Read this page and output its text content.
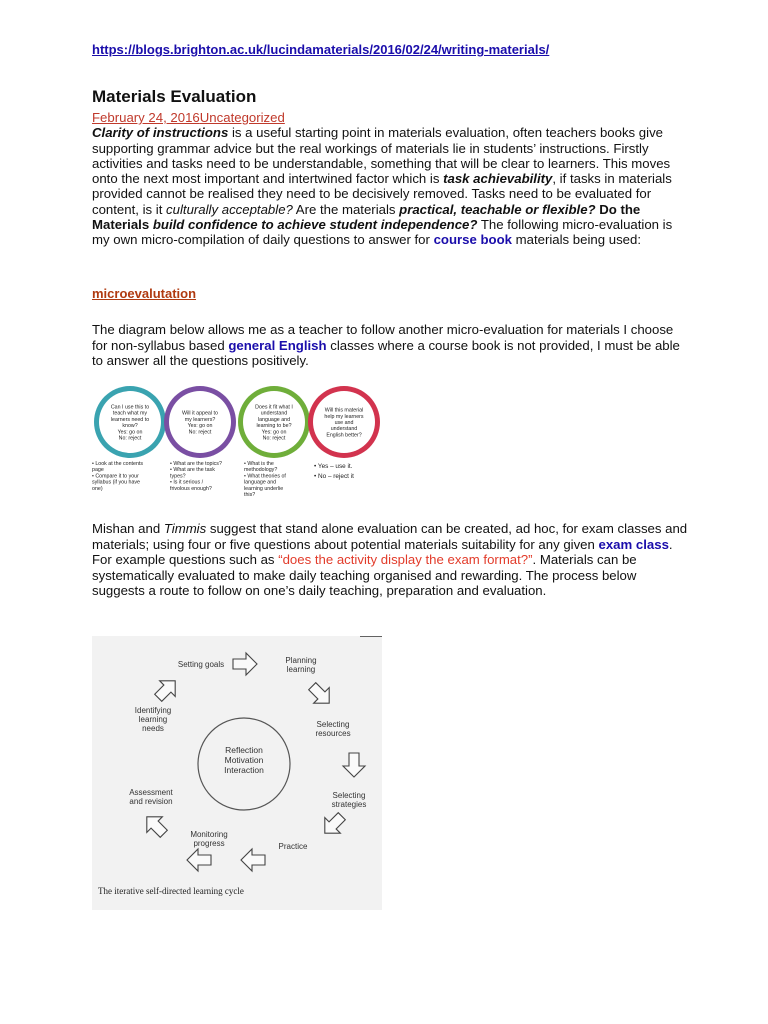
https://blogs.brighton.ac.uk/lucindamaterials/2016/02/24/writing-materials/
Materials Evaluation
February 24, 2016Uncategorized
Clarity of instructions is a useful starting point in materials evaluation, often teachers books give supporting grammar advice but the real workings of materials lie in students’ instructions. Firstly activities and tasks need to be understandable, something that will be clear to learners. This moves onto the next most important and intertwined factor which is task achievability, if tasks in materials provided cannot be realised they need to be decisively removed. Tasks need to be evaluated for content, is it culturally acceptable? Are the materials practical, teachable or flexible? Do the Materials build confidence to achieve student independence? The following micro-evaluation is my own micro-compilation of daily questions to answer for course book materials being used:
microevalutation
The diagram below allows me as a teacher to follow another micro-evaluation for materials I choose for non-syllabus based general English classes where a course book is not provided, I must be able to answer all the questions positively.
Can I use this to
teach what my
learners need to
know?
Yes: go on
No: reject
Will it appeal to
my learners?
Yes: go on
No: reject
Does it fit what I
understand
language and
learning to be?
Yes: go on
No: reject
Will this material
help my learners
use and
understand
English better?
• Look at the contents
page
• Compare it to your
syllabus (if you have
one)
• What are the topics?
• What are the task
types?
• Is it serious /
frivolous enough?
• What is the
methodology?
• What theories of
language and
learning underlie
this?
• Yes – use it.
• No – reject it
Mishan and Timmis suggest that stand alone evaluation can be created, ad hoc, for exam classes and materials; using four or five questions about potential materials suitability for any given exam class. For example questions such as “does the activity display the exam format?”. Materials can be systematically evaluated to make daily teaching organised and rewarding. The process below suggests a route to follow on one’s daily teaching, preparation and evaluation.
Setting goals	Planning
learning
Selecting
resources
Selecting
strategies
Practice
Monitoring
progress
Assessment
and revision
Identifying
learning
needs
Reflection
Motivation
Interaction
The iterative self-directed learning cycle
